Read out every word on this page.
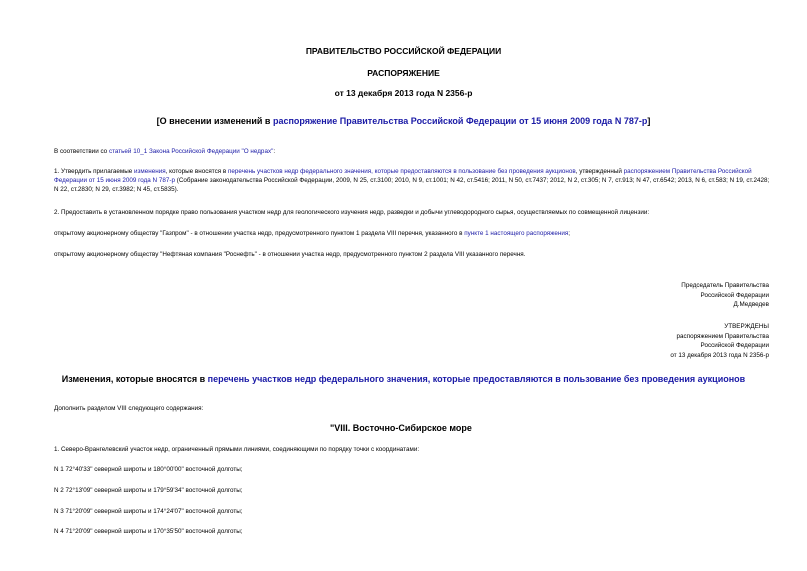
ПРАВИТЕЛЬСТВО РОССИЙСКОЙ ФЕДЕРАЦИИ
РАСПОРЯЖЕНИЕ
от 13 декабря 2013 года N 2356-р
[О внесении изменений в распоряжение Правительства Российской Федерации от 15 июня 2009 года N 787-р]
В соответствии со статьей 10_1 Закона Российской Федерации "О недрах":
1. Утвердить прилагаемые изменения, которые вносятся в перечень участков недр федерального значения, которые предоставляются в пользование без проведения аукционов, утвержденный распоряжением Правительства Российской Федерации от 15 июня 2009 года N 787-р (Собрание законодательства Российской Федерации, 2009, N 25, ст.3100; 2010, N 9, ст.1001; N 42, ст.5416; 2011, N 50, ст.7437; 2012, N 2, ст.305; N 7, ст.913; N 47, ст.6542; 2013, N 6, ст.583; N 19, ст.2428; N 22, ст.2830; N 29, ст.3982; N 45, ст.5835).
2. Предоставить в установленном порядке право пользования участком недр для геологического изучения недр, разведки и добычи углеводородного сырья, осуществляемых по совмещенной лицензии:
открытому акционерному обществу "Газпром" - в отношении участка недр, предусмотренного пунктом 1 раздела VIII перечня, указанного в пункте 1 настоящего распоряжения;
открытому акционерному обществу "Нефтяная компания "Роснефть" - в отношении участка недр, предусмотренного пунктом 2 раздела VIII указанного перечня.
Председатель Правительства
Российской Федерации
Д.Медведев
УТВЕРЖДЕНЫ
распоряжением Правительства
Российской Федерации
от 13 декабря 2013 года N 2356-р
Изменения, которые вносятся в перечень участков недр федерального значения, которые предоставляются в пользование без проведения аукционов
Дополнить разделом VIII следующего содержания:
"VIII. Восточно-Сибирское море
1. Северо-Врангелевский участок недр, ограниченный прямыми линиями, соединяющими по порядку точки с координатами:
N 1 72°40'33" северной широты и 180°00'00" восточной долготы;
N 2 72°13'09" северной широты и 179°59'34" восточной долготы;
N 3 71°20'09" северной широты и 174°24'07" восточной долготы;
N 4 71°20'09" северной широты и 170°35'50" восточной долготы;
